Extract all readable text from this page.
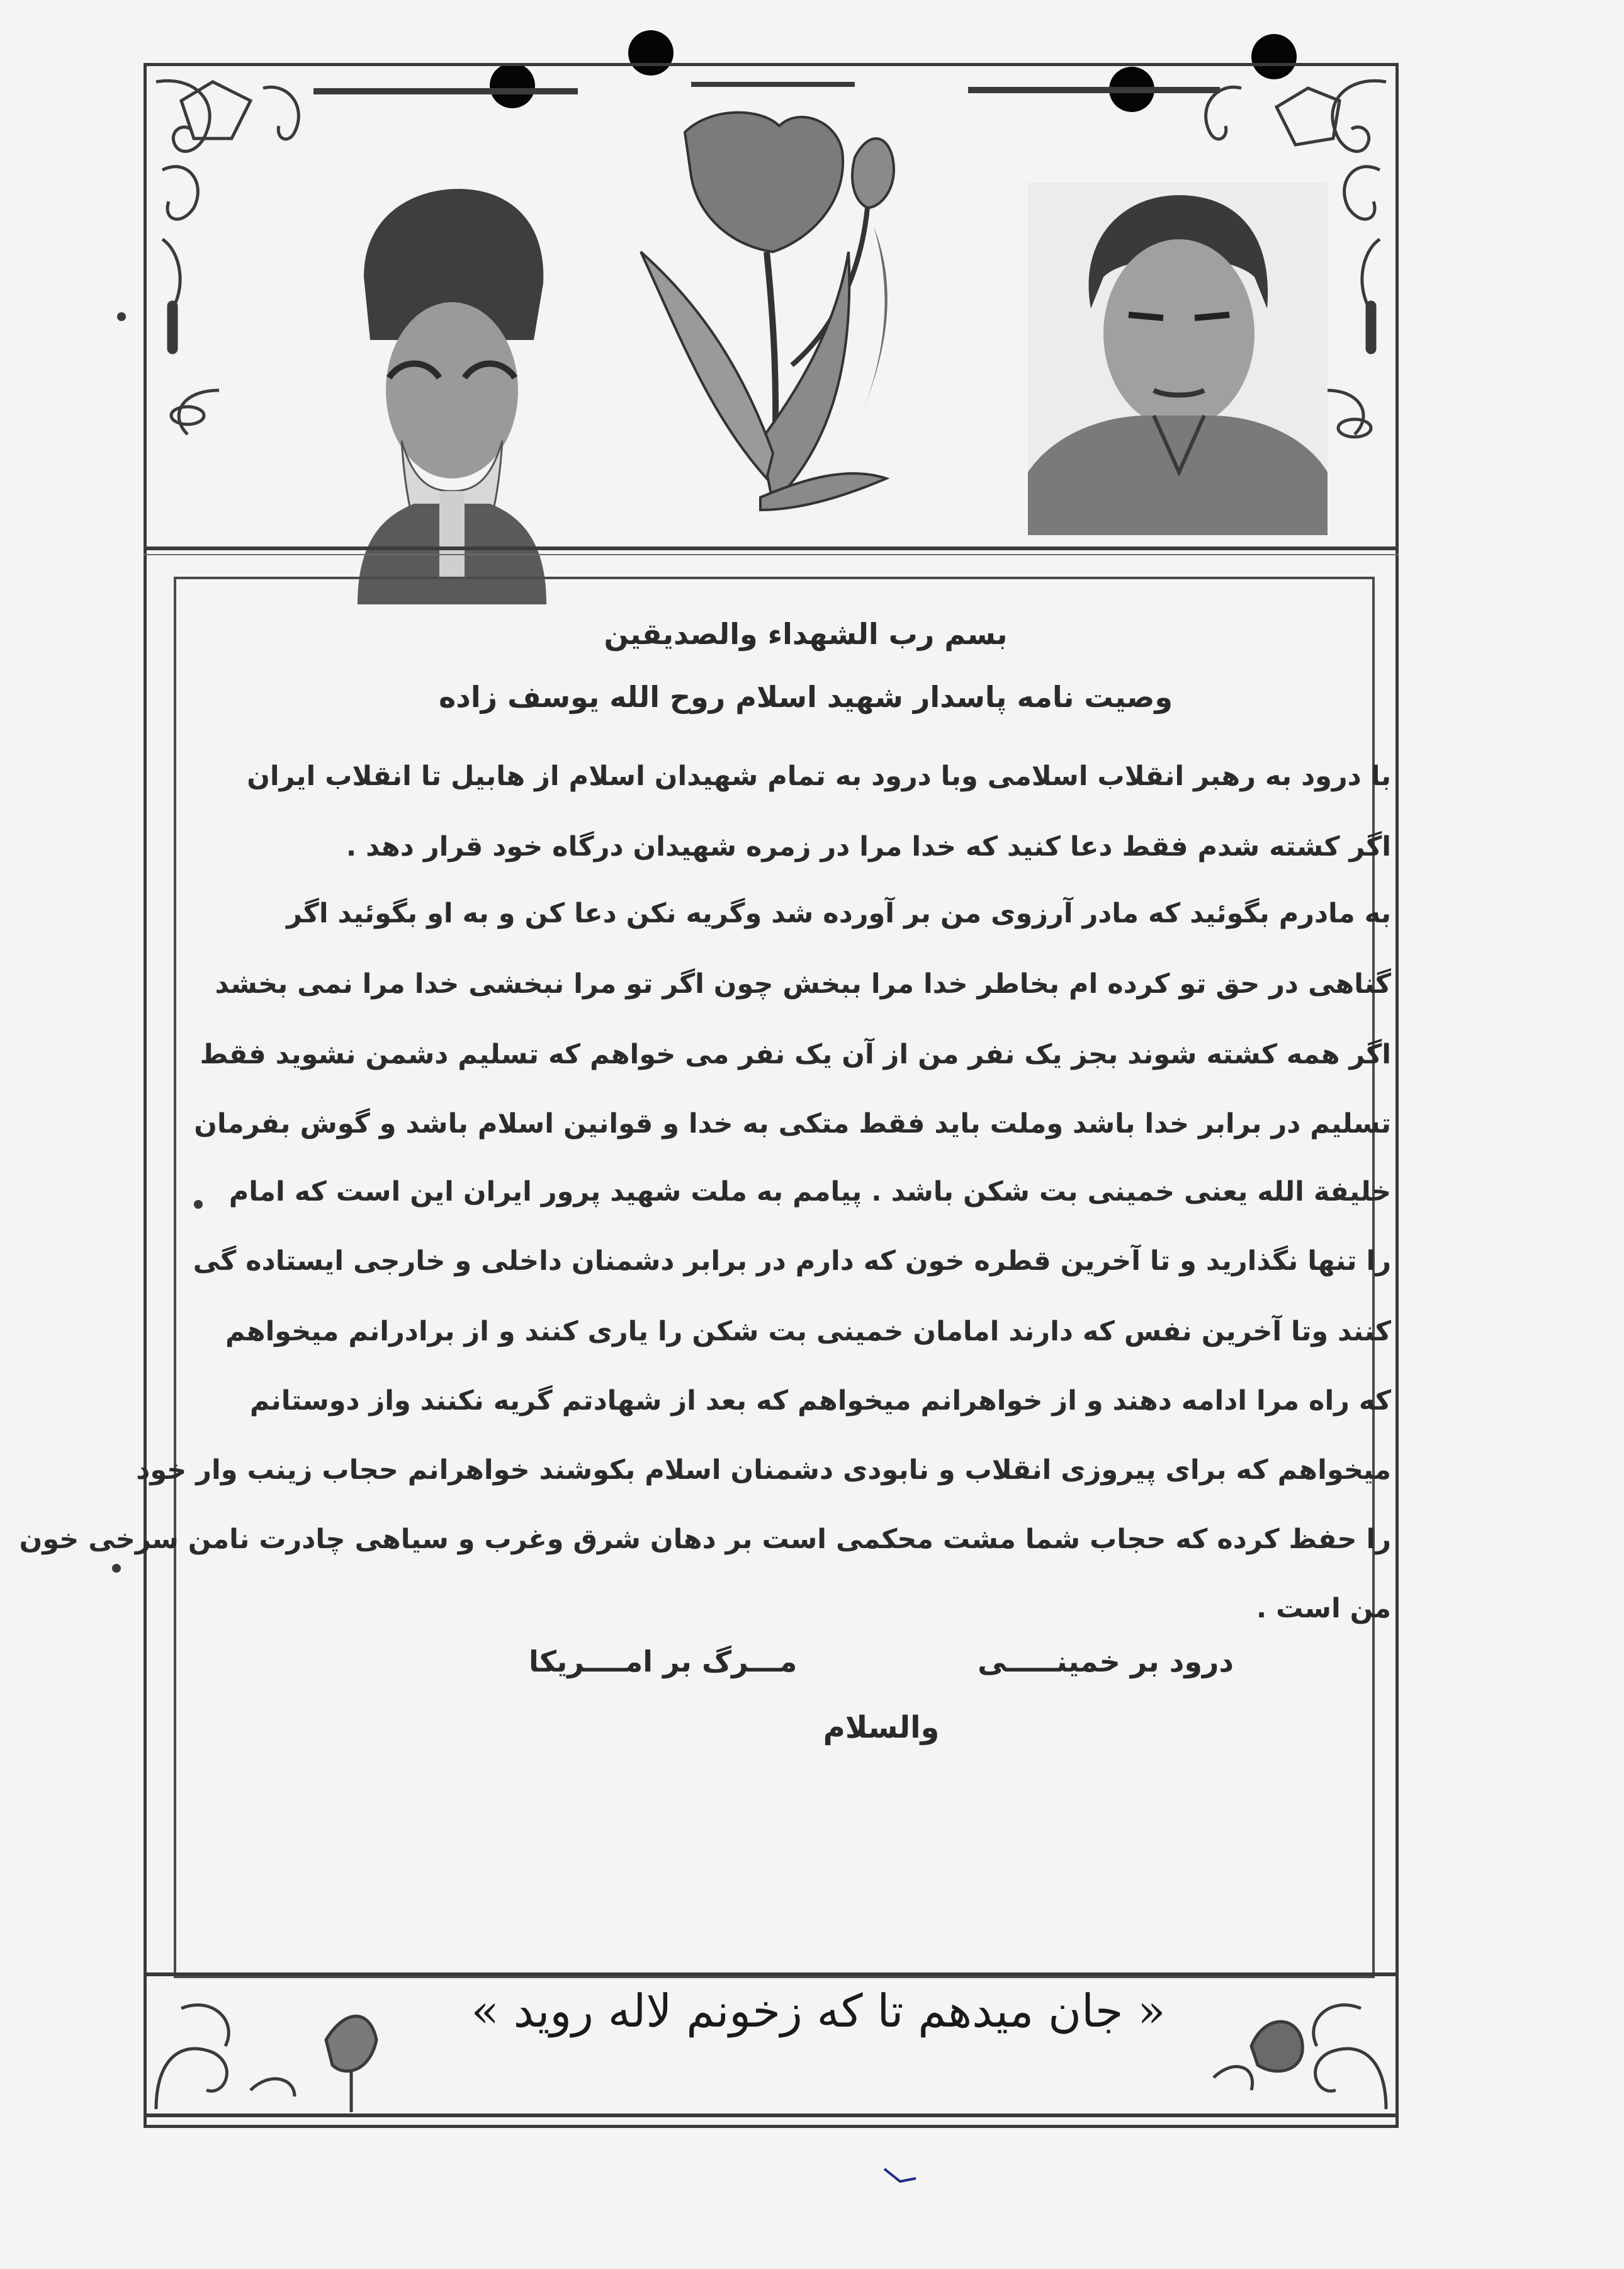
بسم رب الشهداء والصدیقین
وصیت نامه پاسدار شهید اسلام روح الله یوسف زاده
با درود به رهبر انقلاب اسلامی وبا درود به تمام شهیدان اسلام از هابیل تا انقلاب ایران
اگر کشته شدم فقط دعا کنید که خدا مرا در زمره شهیدان درگاه خود قرار دهد .
به مادرم بگوئید که مادر آرزوی من بر آورده شد وگریه نکن دعا کن و به او بگوئید اگر
گناهی در حق تو کرده ام بخاطر خدا مرا ببخش چون اگر تو مرا نبخشی خدا مرا نمی بخشد
اگر همه کشته شوند بجز یک نفر من از آن یک نفر می خواهم که تسلیم دشمن نشوید فقط
تسلیم در برابر خدا باشد وملت باید فقط متکی به خدا و قوانین اسلام باشد و گوش بفرمان
خلیفة الله یعنی خمینی بت شکن باشد . پیامم به ملت شهید پرور ایران این است که امام
را تنها نگذارید و تا آخرین قطره خون که دارم در برابر دشمنان داخلی و خارجی ایستاده گی
کنند وتا آخرین نفس که دارند امامان خمینی بت شکن را یاری کنند و از برادرانم میخواهم
که راه مرا ادامه دهند و از خواهرانم میخواهم که بعد از شهادتم گریه نکنند واز دوستانم
میخواهم که برای پیروزی انقلاب و نابودی دشمنان اسلام بکوشند خواهرانم حجاب زینب وار خود
را حفظ کرده که حجاب شما مشت محکمی است بر دهان شرق وغرب و سیاهی چادرت نامن سرخی خون
من است .
درود بر خمینـــــی
مـــرگ بر امــــریکا
والسلام
« جان میدهم تا که زخونم لاله روید »
